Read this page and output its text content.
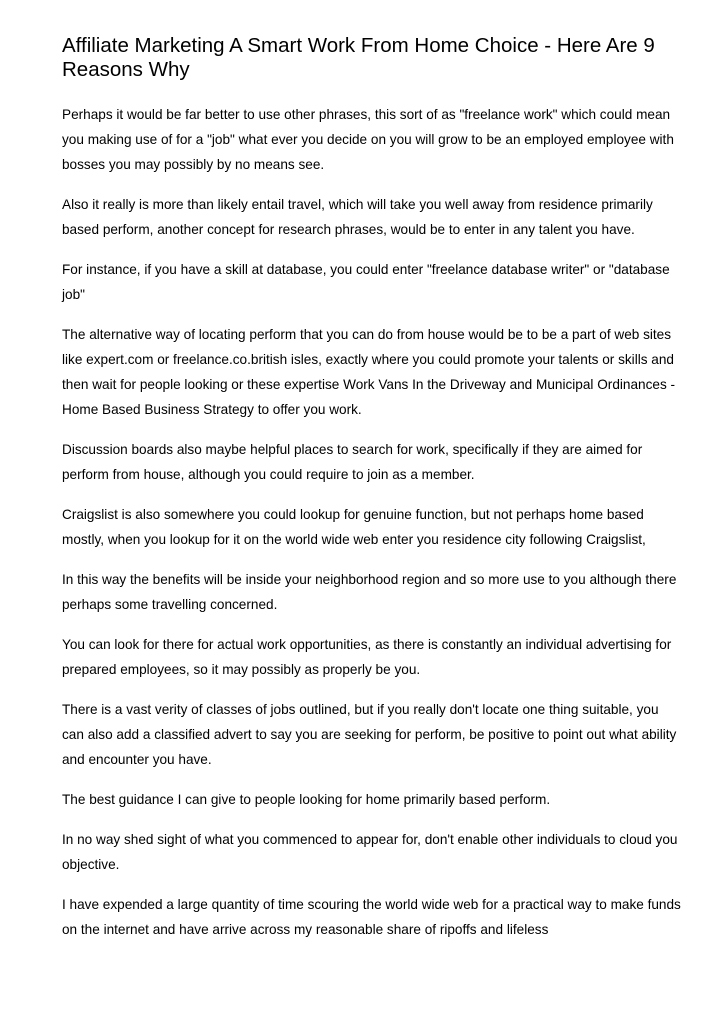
Affiliate Marketing A Smart Work From Home Choice - Here Are 9 Reasons Why

Perhaps it would be far better to use other phrases, this sort of as "freelance work" which could mean you making use of for a "job" what ever you decide on you will grow to be an employed employee with bosses you may possibly by no means see.

Also it really is more than likely entail travel, which will take you well away from residence primarily based perform, another concept for research phrases, would be to enter in any talent you have.

For instance, if you have a skill at database, you could enter "freelance database writer" or "database job"

The alternative way of locating perform that you can do from house would be to be a part of web sites like expert.com or freelance.co.british isles, exactly where you could promote your talents or skills and then wait for people looking or these expertise Work Vans In the Driveway and Municipal Ordinances - Home Based Business Strategy to offer you work.

Discussion boards also maybe helpful places to search for work, specifically if they are aimed for perform from house, although you could require to join as a member.

Craigslist is also somewhere you could lookup for genuine function, but not perhaps home based mostly, when you lookup for it on the world wide web enter you residence city following Craigslist,

In this way the benefits will be inside your neighborhood region and so more use to you although there perhaps some travelling concerned.

You can look for there for actual work opportunities, as there is constantly an individual advertising for prepared employees, so it may possibly as properly be you.

There is a vast verity of classes of jobs outlined, but if you really don't locate one thing suitable, you can also add a classified advert to say you are seeking for perform, be positive to point out what ability and encounter you have.

The best guidance I can give to people looking for home primarily based perform.

In no way shed sight of what you commenced to appear for, don't enable other individuals to cloud you objective.

I have expended a large quantity of time scouring the world wide web for a practical way to make funds on the internet and have arrive across my reasonable share of ripoffs and lifeless
